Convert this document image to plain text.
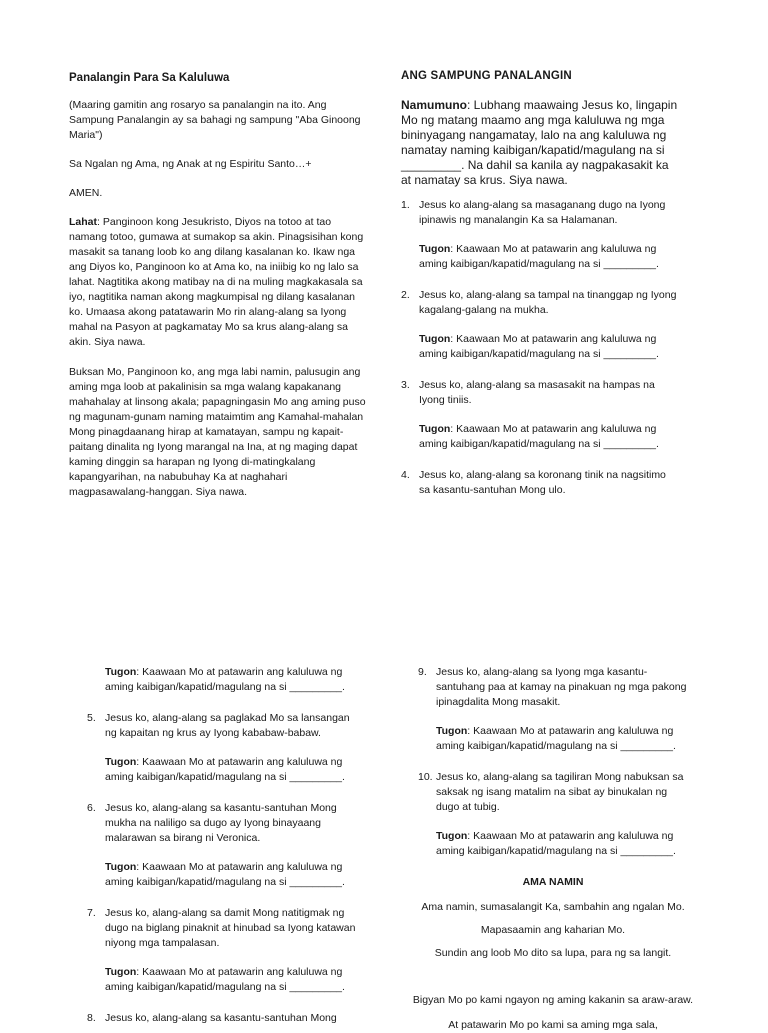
Panalangin Para Sa Kaluluwa

(Maaring gamitin ang rosaryo sa panalangin na ito. Ang Sampung Panalangin ay sa bahagi ng sampung "Aba Ginoong Maria")

Sa Ngalan ng Ama, ng Anak at ng Espiritu Santo…+

AMEN.

Lahat: Panginoon kong Jesukristo, Diyos na totoo at tao namang totoo, gumawa at sumakop sa akin. Pinagsisihan kong masakit sa tanang loob ko ang dilang kasalanan ko. Ikaw nga ang Diyos ko, Panginoon ko at Ama ko, na iniibig ko ng lalo sa lahat. Nagtitika akong matibay na di na muling magkakasala sa iyo, nagtitika naman akong magkumpisal ng dilang kasalanan ko. Umaasa akong patatawarin Mo rin alang-alang sa Iyong mahal na Pasyon at pagkamatay Mo sa krus alang-alang sa akin. Siya nawa.

Buksan Mo, Panginoon ko, ang mga labi namin, palusugin ang aming mga loob at pakalinisin sa mga walang kapakanang mahahalay at linsong akala; papagningasin Mo ang aming puso ng magunam-gunam naming mataimtim ang Kamahal-mahalan Mong pinagdaanang hirap at kamatayan, sampu ng kapait-paitang dinalita ng Iyong marangal na Ina, at ng maging dapat kaming dinggin sa harapan ng Iyong di-matingkalang kapangyarihan, na nabubuhay Ka at naghahari magpasawalang-hanggan. Siya nawa.

ANG SAMPUNG PANALANGIN

Namumuno: Lubhang maawaing Jesus ko, lingapin Mo ng matang maamo ang mga kaluluwa ng mga bininyagang nangamatay, lalo na ang kaluluwa ng namatay naming kaibigan/kapatid/magulang na si _________. Na dahil sa kanila ay nagpakasakit ka at namatay sa krus. Siya nawa.

1. Jesus ko alang-alang sa masaganang dugo na Iyong ipinawis ng manalangin Ka sa Halamanan.

Tugon: Kaawaan Mo at patawarin ang kaluluwa ng aming kaibigan/kapatid/magulang na si _________.

2. Jesus ko, alang-alang sa tampal na tinanggap ng Iyong kagalang-galang na mukha.

Tugon: Kaawaan Mo at patawarin ang kaluluwa ng aming kaibigan/kapatid/magulang na si _________.

3. Jesus ko, alang-alang sa masasakit na hampas na Iyong tiniis.

Tugon: Kaawaan Mo at patawarin ang kaluluwa ng aming kaibigan/kapatid/magulang na si _________.

4. Jesus ko, alang-alang sa koronang tinik na nagsitimo sa kasantu-santuhan Mong ulo.

Tugon: Kaawaan Mo at patawarin ang kaluluwa ng aming kaibigan/kapatid/magulang na si _________.

5. Jesus ko, alang-alang sa paglakad Mo sa lansangan ng kapaitan ng krus ay Iyong kababaw-babaw.

Tugon: Kaawaan Mo at patawarin ang kaluluwa ng aming kaibigan/kapatid/magulang na si _________.

6. Jesus ko, alang-alang sa kasantu-santuhan Mong mukha na naliligo sa dugo ay Iyong binayaang malarawan sa birang ni Veronica.

Tugon: Kaawaan Mo at patawarin ang kaluluwa ng aming kaibigan/kapatid/magulang na si _________.

7. Jesus ko, alang-alang sa damit Mong natitigmak ng dugo na biglang pinaknit at hinubad sa Iyong katawan niyong mga tampalasan.

Tugon: Kaawaan Mo at patawarin ang kaluluwa ng aming kaibigan/kapatid/magulang na si _________.

8. Jesus ko, alang-alang sa kasantu-santuhan Mong

9. Jesus ko, alang-alang sa Iyong mga kasantu-santuhang paa at kamay na pinakuan ng mga pakong ipinagdalita Mong masakit.

Tugon: Kaawaan Mo at patawarin ang kaluluwa ng aming kaibigan/kapatid/magulang na si _________.

10. Jesus ko, alang-alang sa tagiliran Mong nabuksan sa saksak ng isang matalim na sibat ay binukalan ng dugo at tubig.

Tugon: Kaawaan Mo at patawarin ang kaluluwa ng aming kaibigan/kapatid/magulang na si _________.

AMA NAMIN

Ama namin, sumasalangit Ka, sambahin ang ngalan Mo.

Mapasaamin ang kaharian Mo.

Sundin ang loob Mo dito sa lupa, para ng sa langit.

Bigyan Mo po kami ngayon ng aming kakanin sa araw-araw.

At patawarin Mo po kami sa aming mga sala,
